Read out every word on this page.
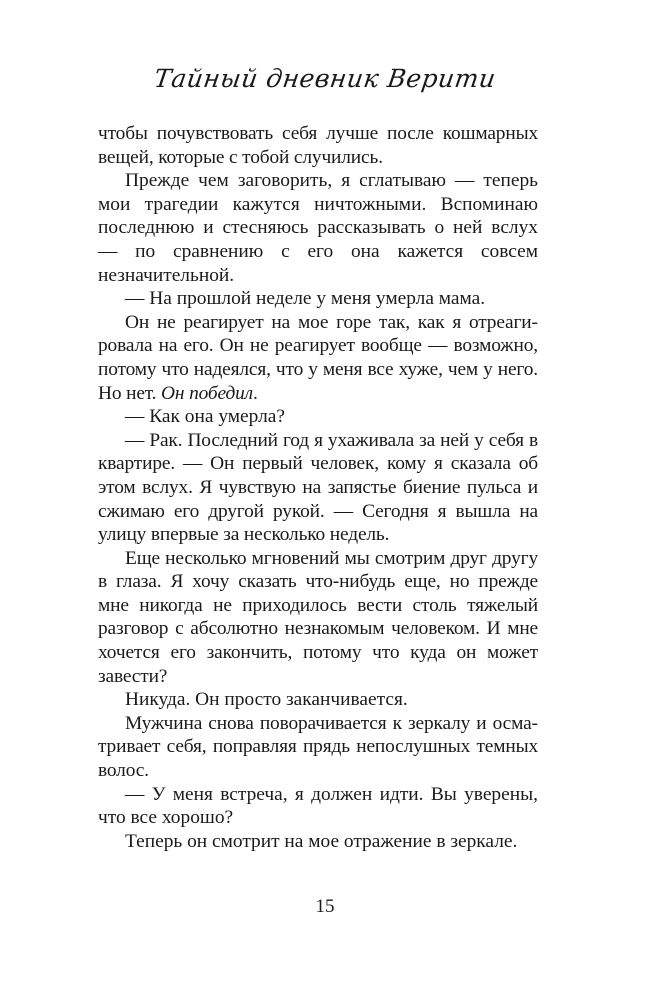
Тайный дневник Верити

чтобы почувствовать себя лучше после кошмарных вещей, которые с тобой случились.

Прежде чем заговорить, я сглатываю — теперь мои трагедии кажутся ничтожными. Вспоминаю последнюю и стесняюсь рассказывать о ней вслух — по сравнению с его она кажется совсем незначительной.

— На прошлой неделе у меня умерла мама.

Он не реагирует на мое горе так, как я отреагировала на его. Он не реагирует вообще — возможно, потому что надеялся, что у меня все хуже, чем у него. Но нет. Он победил.

— Как она умерла?

— Рак. Последний год я ухаживала за ней у себя в квартире. — Он первый человек, кому я сказала об этом вслух. Я чувствую на запястье биение пульса и сжимаю его другой рукой. — Сегодня я вышла на улицу впервые за несколько недель.

Еще несколько мгновений мы смотрим друг другу в глаза. Я хочу сказать что-нибудь еще, но прежде мне никогда не приходилось вести столь тяжелый разговор с абсолютно незнакомым человеком. И мне хочется его закончить, потому что куда он может завести?

Никуда. Он просто заканчивается.

Мужчина снова поворачивается к зеркалу и осматривает себя, поправляя прядь непослушных темных волос.

— У меня встреча, я должен идти. Вы уверены, что все хорошо?

Теперь он смотрит на мое отражение в зеркале.

15
